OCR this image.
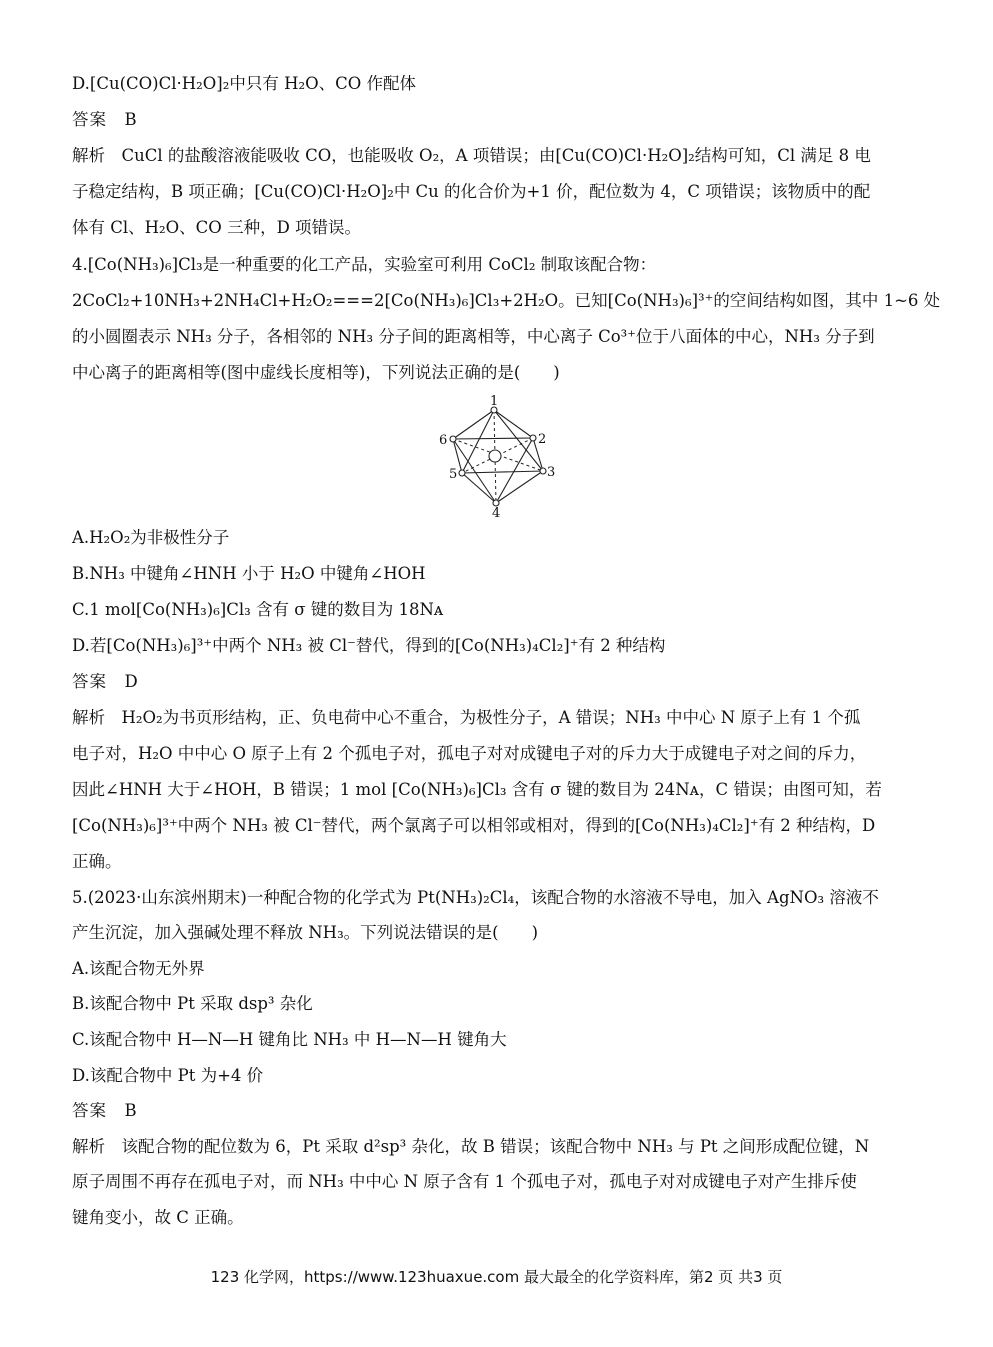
D.[Cu(CO)Cl·H₂O]₂中只有 H₂O、CO 作配体
答案　B
解析　CuCl 的盐酸溶液能吸收 CO，也能吸收 O₂，A 项错误；由[Cu(CO)Cl·H₂O]₂结构可知，Cl 满足 8 电
子稳定结构，B 项正确；[Cu(CO)Cl·H₂O]₂中 Cu 的化合价为+1 价，配位数为 4，C 项错误；该物质中的配
体有 Cl、H₂O、CO 三种，D 项错误。
4.[Co(NH₃)₆]Cl₃是一种重要的化工产品，实验室可利用 CoCl₂ 制取该配合物：
2CoCl₂+10NH₃+2NH₄Cl+H₂O₂===2[Co(NH₃)₆]Cl₃+2H₂O。已知[Co(NH₃)₆]³⁺的空间结构如图，其中 1~6 处
的小圆圈表示 NH₃ 分子，各相邻的 NH₃ 分子间的距离相等，中心离子 Co³⁺位于八面体的中心，NH₃ 分子到
中心离子的距离相等(图中虚线长度相等)，下列说法正确的是(　　)
1
2
3
4
5
6
A.H₂O₂为非极性分子
B.NH₃ 中键角∠HNH 小于 H₂O 中键角∠HOH
C.1 mol[Co(NH₃)₆]Cl₃ 含有 σ 键的数目为 18Nᴀ
D.若[Co(NH₃)₆]³⁺中两个 NH₃ 被 Cl⁻替代，得到的[Co(NH₃)₄Cl₂]⁺有 2 种结构
答案　D
解析　H₂O₂为书页形结构，正、负电荷中心不重合，为极性分子，A 错误；NH₃ 中中心 N 原子上有 1 个孤
电子对，H₂O 中中心 O 原子上有 2 个孤电子对，孤电子对对成键电子对的斥力大于成键电子对之间的斥力，
因此∠HNH 大于∠HOH，B 错误；1 mol [Co(NH₃)₆]Cl₃ 含有 σ 键的数目为 24Nᴀ，C 错误；由图可知，若
[Co(NH₃)₆]³⁺中两个 NH₃ 被 Cl⁻替代，两个氯离子可以相邻或相对，得到的[Co(NH₃)₄Cl₂]⁺有 2 种结构，D
正确。
5.(2023·山东滨州期末)一种配合物的化学式为 Pt(NH₃)₂Cl₄，该配合物的水溶液不导电，加入 AgNO₃ 溶液不
产生沉淀，加入强碱处理不释放 NH₃。下列说法错误的是(　　)
A.该配合物无外界
B.该配合物中 Pt 采取 dsp³ 杂化
C.该配合物中 H—N—H 键角比 NH₃ 中 H—N—H 键角大
D.该配合物中 Pt 为+4 价
答案　B
解析　该配合物的配位数为 6，Pt 采取 d²sp³ 杂化，故 B 错误；该配合物中 NH₃ 与 Pt 之间形成配位键，N
原子周围不再存在孤电子对，而 NH₃ 中中心 N 原子含有 1 个孤电子对，孤电子对对成键电子对产生排斥使
键角变小，故 C 正确。
123 化学网，https://www.123huaxue.com 最大最全的化学资料库，第2 页 共3 页
